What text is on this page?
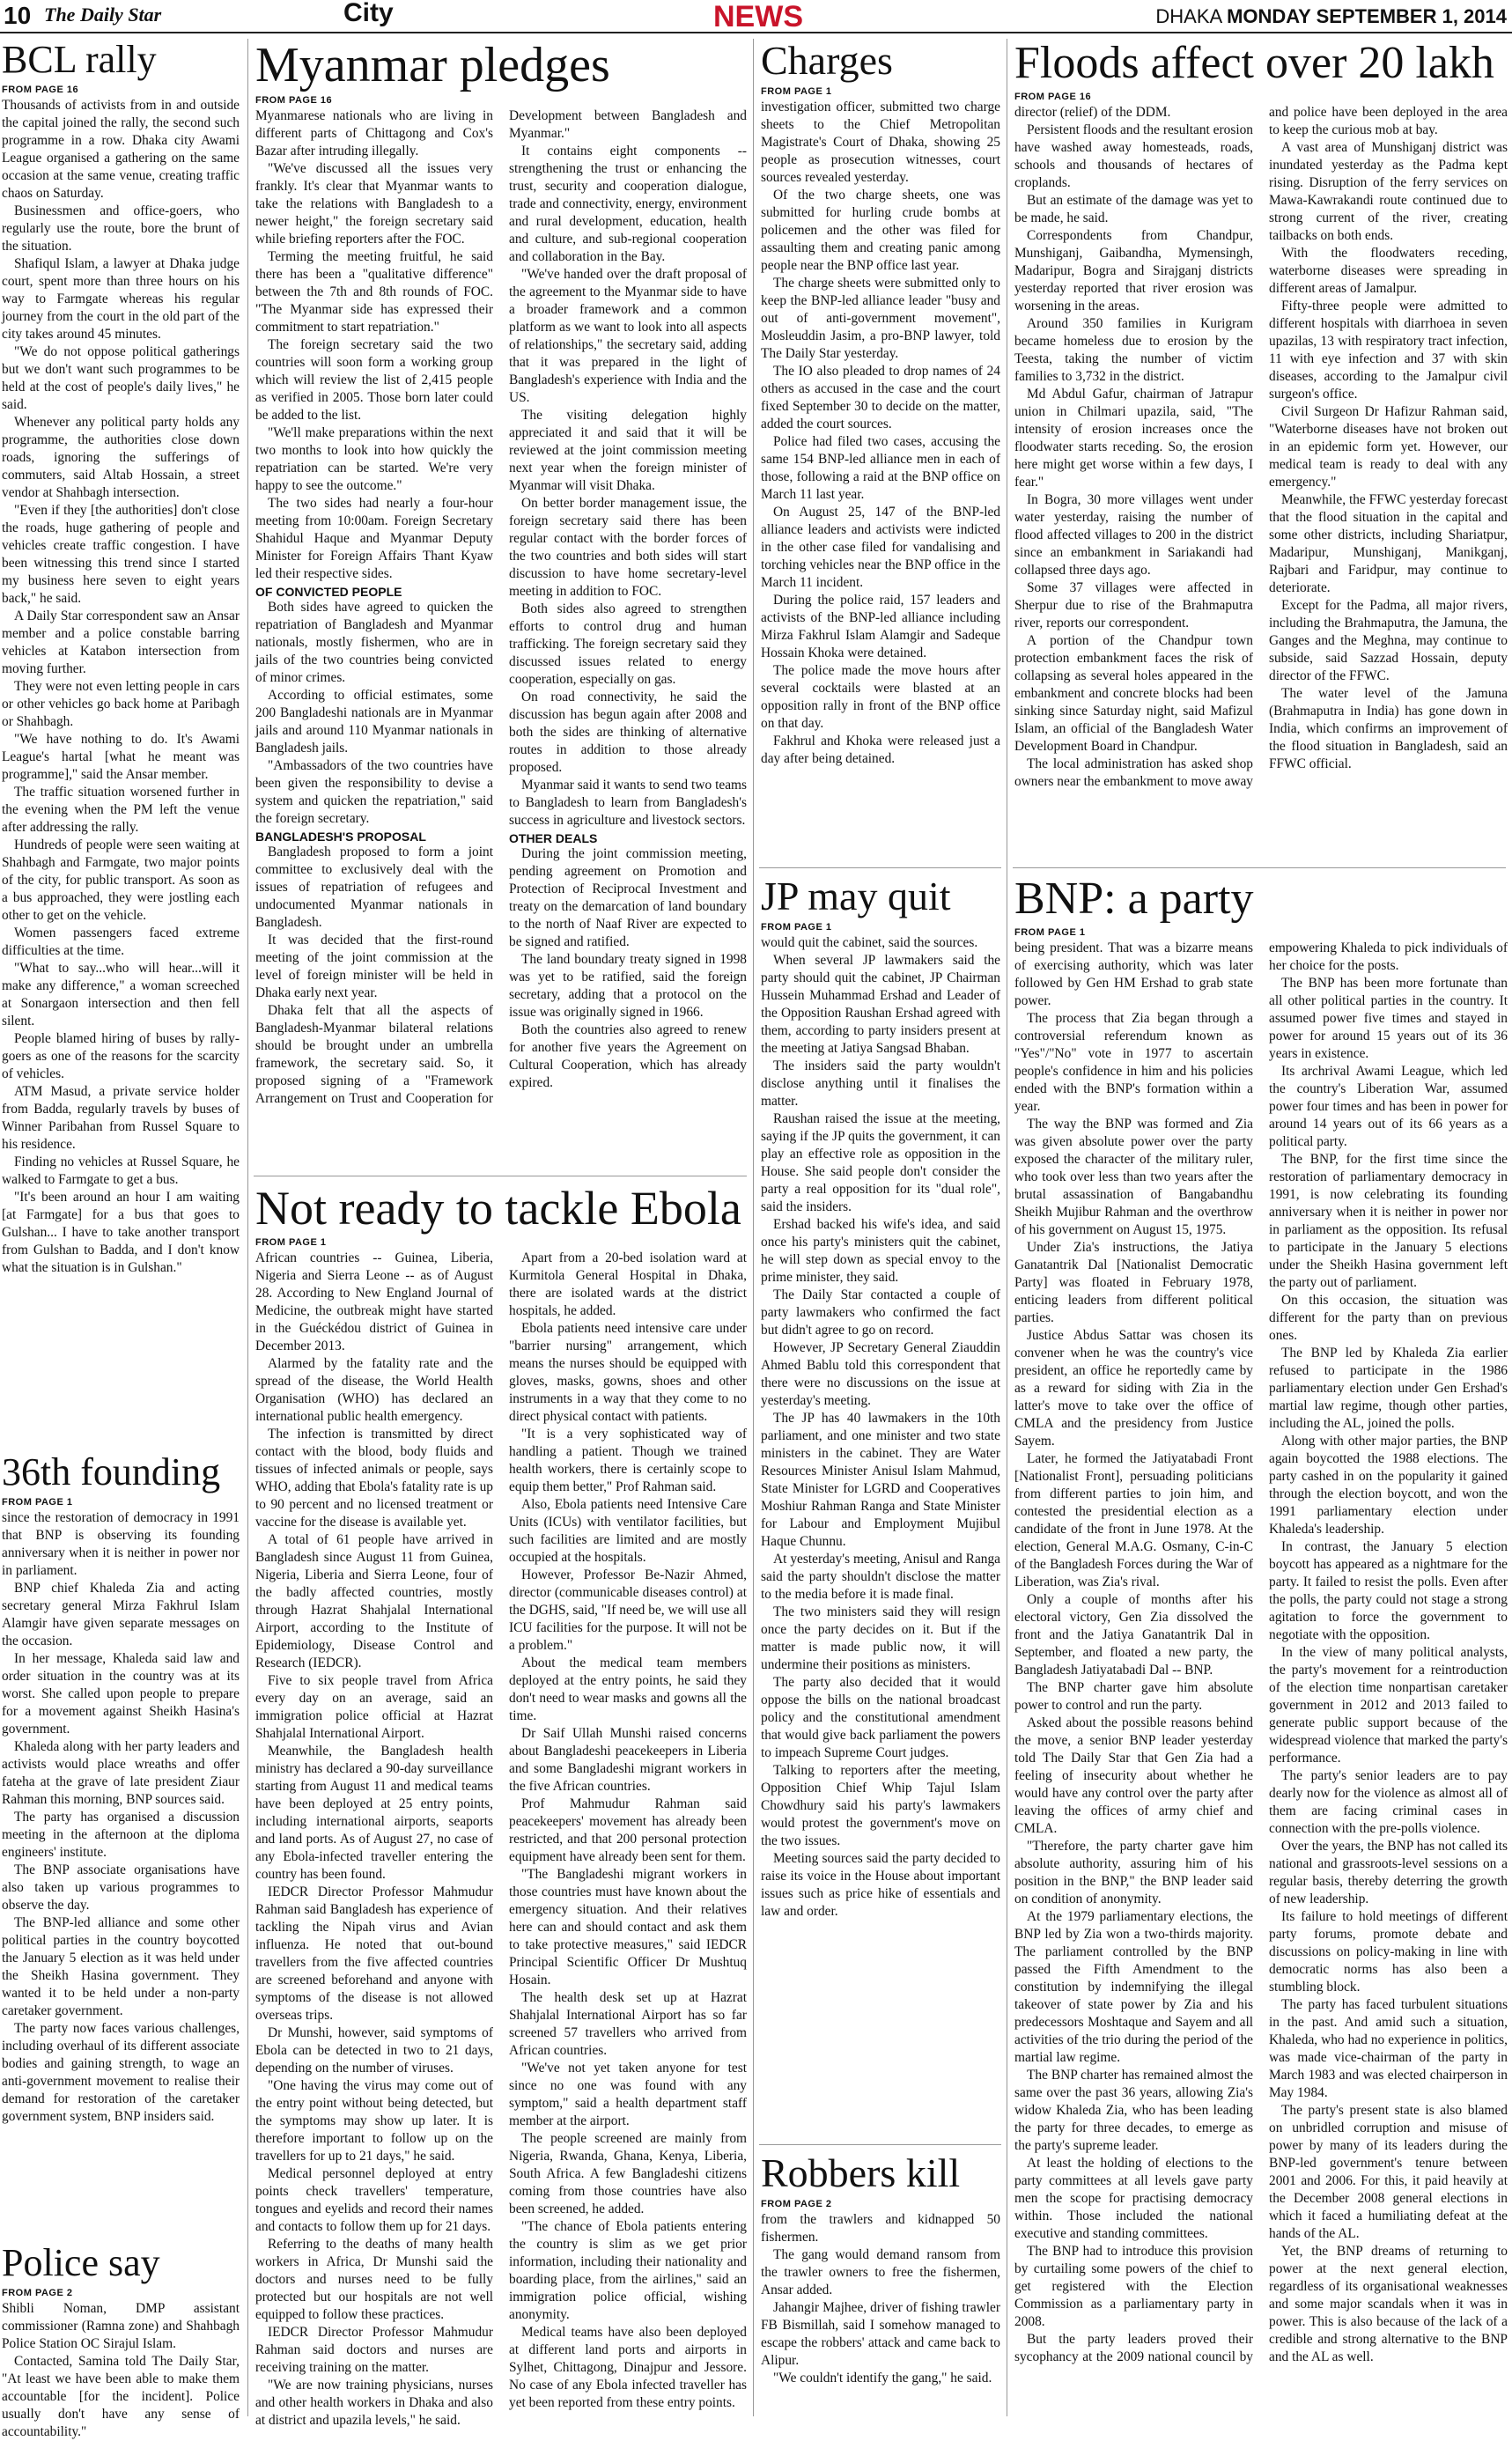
10 The Daily Star	City	NEWS	DHAKA MONDAY SEPTEMBER 1, 2014
BCL rally
FROM PAGE 16

Thousands of activists from in and outside the capital joined the rally, the second such programme in a row. Dhaka city Awami League organised a gathering on the same occasion at the same venue, creating traffic chaos on Saturday.

Businessmen and office-goers, who regularly use the route, bore the brunt of the situation.

Shafiqul Islam, a lawyer at Dhaka judge court, spent more than three hours on his way to Farmgate whereas his regular journey from the court in the old part of the city takes around 45 minutes.

"We do not oppose political gatherings but we don't want such programmes to be held at the cost of people's daily lives," he said.

Whenever any political party holds any programme, the authorities close down roads, ignoring the sufferings of commuters, said Altab Hossain, a street vendor at Shahbagh intersection.

"Even if they [the authorities] don't close the roads, huge gathering of people and vehicles create traffic congestion. I have been witnessing this trend since I started my business here seven to eight years back," he said.

A Daily Star correspondent saw an Ansar member and a police constable barring vehicles at Katabon intersection from moving further.

They were not even letting people in cars or other vehicles go back home at Paribagh or Shahbagh.

"We have nothing to do. It's Awami League's hartal [what he meant was programme]," said the Ansar member.

The traffic situation worsened further in the evening when the PM left the venue after addressing the rally.

Hundreds of people were seen waiting at Shahbagh and Farmgate, two major points of the city, for public transport. As soon as a bus approached, they were jostling each other to get on the vehicle.

Women passengers faced extreme difficulties at the time.

"What to say...who will hear...will it make any difference," a woman screeched at Sonargaon intersection and then fell silent.

People blamed hiring of buses by rally-goers as one of the reasons for the scarcity of vehicles.

ATM Masud, a private service holder from Badda, regularly travels by buses of Winner Paribahan from Russel Square to his residence.

Finding no vehicles at Russel Square, he walked to Farmgate to get a bus.

"It's been around an hour I am waiting [at Farmgate] for a bus that goes to Gulshan... I have to take another transport from Gulshan to Badda, and I don't know what the situation is in Gulshan."

36th founding
FROM PAGE 1

since the restoration of democracy in 1991 that BNP is observing its founding anniversary when it is neither in power nor in parliament.

BNP chief Khaleda Zia and acting secretary general Mirza Fakhrul Islam Alamgir have given separate messages on the occasion.

In her message, Khaleda said law and order situation in the country was at its worst. She called upon people to prepare for a movement against Sheikh Hasina's government.

Khaleda along with her party leaders and activists would place wreaths and offer fateha at the grave of late president Ziaur Rahman this morning, BNP sources said.

The party has organised a discussion meeting in the afternoon at the diploma engineers' institute.

The BNP associate organisations have also taken up various programmes to observe the day.

The BNP-led alliance and some other political parties in the country boycotted the January 5 election as it was held under the Sheikh Hasina government. They wanted it to be held under a non-party caretaker government.

The party now faces various challenges, including overhaul of its different associate bodies and gaining strength, to wage an anti-government movement to realise their demand for restoration of the caretaker government system, BNP insiders said.

Police say
FROM PAGE 2

Shibli Noman, DMP assistant commissioner (Ramna zone) and Shahbagh Police Station OC Sirajul Islam.

Contacted, Samina told The Daily Star, "At least we have been able to make them accountable [for the incident]. Police usually don't have any sense of accountability."

Myanmar pledges
FROM PAGE 16

Myanmarese nationals who are living in different parts of Chittagong and Cox's Bazar after intruding illegally.

"We've discussed all the issues very frankly. It's clear that Myanmar wants to take the relations with Bangladesh to a newer height," the foreign secretary said while briefing reporters after the FOC.

Terming the meeting fruitful, he said there has been a "qualitative difference" between the 7th and 8th rounds of FOC. "The Myanmar side has expressed their commitment to start repatriation."

The foreign secretary said the two countries will soon form a working group which will review the list of 2,415 people as verified in 2005. Those born later could be added to the list.

"We'll make preparations within the next two months to look into how quickly the repatriation can be started. We're very happy to see the outcome."

The two sides had nearly a four-hour meeting from 10:00am. Foreign Secretary Shahidul Haque and Myanmar Deputy Minister for Foreign Affairs Thant Kyaw led their respective sides.

OF CONVICTED PEOPLE

Both sides have agreed to quicken the repatriation of Bangladesh and Myanmar nationals, mostly fishermen, who are in jails of the two countries being convicted of minor crimes.

According to official estimates, some 200 Bangladeshi nationals are in Myanmar jails and around 110 Myanmar nationals in Bangladesh jails.

"Ambassadors of the two countries have been given the responsibility to devise a system and quicken the repatriation," said the foreign secretary.

BANGLADESH'S PROPOSAL

Bangladesh proposed to form a joint committee to exclusively deal with the issues of repatriation of refugees and undocumented Myanmar nationals in Bangladesh.

It was decided that the first-round meeting of the joint commission at the level of foreign minister will be held in Dhaka early next year.

Dhaka felt that all the aspects of Bangladesh-Myanmar bilateral relations should be brought under an umbrella framework, the secretary said. So, it proposed signing of a "Framework Arrangement on Trust and Cooperation for Development between Bangladesh and Myanmar."

It contains eight components -- strengthening the trust or enhancing the trust, security and cooperation dialogue, trade and connectivity, energy, environment and rural development, education, health and culture, and sub-regional cooperation and collaboration in the Bay.

"We've handed over the draft proposal of the agreement to the Myanmar side to have a broader framework and a common platform as we want to look into all aspects of relationships," the secretary said, adding that it was prepared in the light of Bangladesh's experience with India and the US.

The visiting delegation highly appreciated it and said that it will be reviewed at the joint commission meeting next year when the foreign minister of Myanmar will visit Dhaka.

On better border management issue, the foreign secretary said there has been regular contact with the border forces of the two countries and both sides will start discussion to have home secretary-level meeting in addition to FOC.

Both sides also agreed to strengthen efforts to control drug and human trafficking. The foreign secretary said they discussed issues related to energy cooperation, especially on gas.

On road connectivity, he said the discussion has begun again after 2008 and both the sides are thinking of alternative routes in addition to those already proposed.

Myanmar said it wants to send two teams to Bangladesh to learn from Bangladesh's success in agriculture and livestock sectors.

OTHER DEALS

During the joint commission meeting, pending agreement on Promotion and Protection of Reciprocal Investment and treaty on the demarcation of land boundary to the north of Naaf River are expected to be signed and ratified.

The land boundary treaty signed in 1998 was yet to be ratified, said the foreign secretary, adding that a protocol on the issue was originally signed in 1966.

Both the countries also agreed to renew for another five years the Agreement on Cultural Cooperation, which has already expired.

Not ready to tackle Ebola
FROM PAGE 1

African countries -- Guinea, Liberia, Nigeria and Sierra Leone -- as of August 28. According to New England Journal of Medicine, the outbreak might have started in the Guéckédou district of Guinea in December 2013.

Alarmed by the fatality rate and the spread of the disease, the World Health Organisation (WHO) has declared an international public health emergency.

The infection is transmitted by direct contact with the blood, body fluids and tissues of infected animals or people, says WHO, adding that Ebola's fatality rate is up to 90 percent and no licensed treatment or vaccine for the disease is available yet.

A total of 61 people have arrived in Bangladesh since August 11 from Guinea, Nigeria, Liberia and Sierra Leone, four of the badly affected countries, mostly through Hazrat Shahjalal International Airport, according to the Institute of Epidemiology, Disease Control and Research (IEDCR).

Five to six people travel from Africa every day on an average, said an immigration police official at Hazrat Shahjalal International Airport.

Meanwhile, the Bangladesh health ministry has declared a 90-day surveillance starting from August 11 and medical teams have been deployed at 25 entry points, including international airports, seaports and land ports. As of August 27, no case of any Ebola-infected traveller entering the country has been found.

IEDCR Director Professor Mahmudur Rahman said Bangladesh has experience of tackling the Nipah virus and Avian influenza. He noted that out-bound travellers from the five affected countries are screened beforehand and anyone with symptoms of the disease is not allowed overseas trips.

Dr Munshi, however, said symptoms of Ebola can be detected in two to 21 days, depending on the number of viruses.

"One having the virus may come out of the entry point without being detected, but the symptoms may show up later. It is therefore important to follow up on the travellers for up to 21 days," he said.

Medical personnel deployed at entry points check travellers' temperature, tongues and eyelids and record their names and contacts to follow them up for 21 days.

Referring to the deaths of many health workers in Africa, Dr Munshi said the doctors and nurses need to be fully protected but our hospitals are not well equipped to follow these practices.

IEDCR Director Professor Mahmudur Rahman said doctors and nurses are receiving training on the matter.

"We are now training physicians, nurses and other health workers in Dhaka and also at district and upazila levels," he said.

Apart from a 20-bed isolation ward at Kurmitola General Hospital in Dhaka, there are isolated wards at the district hospitals, he added.

Ebola patients need intensive care under "barrier nursing" arrangement, which means the nurses should be equipped with gloves, masks, gowns, shoes and other instruments in a way that they come to no direct physical contact with patients.

"It is a very sophisticated way of handling a patient. Though we trained health workers, there is certainly scope to equip them better," Prof Rahman said.

Also, Ebola patients need Intensive Care Units (ICUs) with ventilator facilities, but such facilities are limited and are mostly occupied at the hospitals.

However, Professor Be-Nazir Ahmed, director (communicable diseases control) at the DGHS, said, "If need be, we will use all ICU facilities for the purpose. It will not be a problem."

About the medical team members deployed at the entry points, he said they don't need to wear masks and gowns all the time.

Dr Saif Ullah Munshi raised concerns about Bangladeshi peacekeepers in Liberia and some Bangladeshi migrant workers in the five African countries.

Prof Mahmudur Rahman said peacekeepers' movement has already been restricted, and that 200 personal protection equipment have already been sent for them.

"The Bangladeshi migrant workers in those countries must have known about the emergency situation. And their relatives here can and should contact and ask them to take protective measures," said IEDCR Principal Scientific Officer Dr Mushtuq Hosain.

The health desk set up at Hazrat Shahjalal International Airport has so far screened 57 travellers who arrived from African countries.

"We've not yet taken anyone for test since no one was found with any symptom," said a health department staff member at the airport.

The people screened are mainly from Nigeria, Rwanda, Ghana, Kenya, Liberia, South Africa. A few Bangladeshi citizens coming from those countries have also been screened, he added.

"The chance of Ebola patients entering the country is slim as we get prior information, including their nationality and boarding place, from the airlines," said an immigration police official, wishing anonymity.

Medical teams have also been deployed at different land ports and airports in Sylhet, Chittagong, Dinajpur and Jessore. No case of any Ebola infected traveller has yet been reported from these entry points.

Charges
FROM PAGE 1

investigation officer, submitted two charge sheets to the Chief Metropolitan Magistrate's Court of Dhaka, showing 25 people as prosecution witnesses, court sources revealed yesterday.

Of the two charge sheets, one was submitted for hurling crude bombs at policemen and the other was filed for assaulting them and creating panic among people near the BNP office last year.

The charge sheets were submitted only to keep the BNP-led alliance leader "busy and out of anti-government movement", Mosleuddin Jasim, a pro-BNP lawyer, told The Daily Star yesterday.

The IO also pleaded to drop names of 24 others as accused in the case and the court fixed September 30 to decide on the matter, added the court sources.

Police had filed two cases, accusing the same 154 BNP-led alliance men in each of those, following a raid at the BNP office on March 11 last year.

On August 25, 147 of the BNP-led alliance leaders and activists were indicted in the other case filed for vandalising and torching vehicles near the BNP office in the March 11 incident.

During the police raid, 157 leaders and activists of the BNP-led alliance including Mirza Fakhrul Islam Alamgir and Sadeque Hossain Khoka were detained.

The police made the move hours after several cocktails were blasted at an opposition rally in front of the BNP office on that day.

Fakhrul and Khoka were released just a day after being detained.

JP may quit
FROM PAGE 1

would quit the cabinet, said the sources.

When several JP lawmakers said the party should quit the cabinet, JP Chairman Hussein Muhammad Ershad and Leader of the Opposition Raushan Ershad agreed with them, according to party insiders present at the meeting at Jatiya Sangsad Bhaban.

The insiders said the party wouldn't disclose anything until it finalises the matter.

Raushan raised the issue at the meeting, saying if the JP quits the government, it can play an effective role as opposition in the House. She said people don't consider the party a real opposition for its "dual role", said the insiders.

Ershad backed his wife's idea, and said once his party's ministers quit the cabinet, he will step down as special envoy to the prime minister, they said.

The Daily Star contacted a couple of party lawmakers who confirmed the fact but didn't agree to go on record.

However, JP Secretary General Ziauddin Ahmed Bablu told this correspondent that there were no discussions on the issue at yesterday's meeting.

The JP has 40 lawmakers in the 10th parliament, and one minister and two state ministers in the cabinet. They are Water Resources Minister Anisul Islam Mahmud, State Minister for LGRD and Cooperatives Moshiur Rahman Ranga and State Minister for Labour and Employment Mujibul Haque Chunnu.

At yesterday's meeting, Anisul and Ranga said the party shouldn't disclose the matter to the media before it is made final.

The two ministers said they will resign once the party decides on it. But if the matter is made public now, it will undermine their positions as ministers.

The party also decided that it would oppose the bills on the national broadcast policy and the constitutional amendment that would give back parliament the powers to impeach Supreme Court judges.

Talking to reporters after the meeting, Opposition Chief Whip Tajul Islam Chowdhury said his party's lawmakers would protest the government's move on the two issues.

Meeting sources said the party decided to raise its voice in the House about important issues such as price hike of essentials and law and order.

Robbers kill
FROM PAGE 2

from the trawlers and kidnapped 50 fishermen.

The gang would demand ransom from the trawler owners to free the fishermen, Ansar added.

Jahangir Majhee, driver of fishing trawler FB Bismillah, said I somehow managed to escape the robbers' attack and came back to Alipur.

"We couldn't identify the gang," he said.

Floods affect over 20 lakh
FROM PAGE 16

director (relief) of the DDM.

Persistent floods and the resultant erosion have washed away homesteads, roads, schools and thousands of hectares of croplands.

But an estimate of the damage was yet to be made, he said.

Correspondents from Chandpur, Munshiganj, Gaibandha, Mymensingh, Madaripur, Bogra and Sirajganj districts yesterday reported that river erosion was worsening in the areas.

Around 350 families in Kurigram became homeless due to erosion by the Teesta, taking the number of victim families to 3,732 in the district.

Md Abdul Gafur, chairman of Jatrapur union in Chilmari upazila, said, "The intensity of erosion increases once the floodwater starts receding. So, the erosion here might get worse within a few days, I fear."

In Bogra, 30 more villages went under water yesterday, raising the number of flood affected villages to 200 in the district since an embankment in Sariakandi had collapsed three days ago.

Some 37 villages were affected in Sherpur due to rise of the Brahmaputra river, reports our correspondent.

A portion of the Chandpur town protection embankment faces the risk of collapsing as several holes appeared in the embankment and concrete blocks had been sinking since Saturday night, said Mafizul Islam, an official of the Bangladesh Water Development Board in Chandpur.

The local administration has asked shop owners near the embankment to move away and police have been deployed in the area to keep the curious mob at bay.

A vast area of Munshiganj district was inundated yesterday as the Padma kept rising. Disruption of the ferry services on Mawa-Kawrakandi route continued due to strong current of the river, creating tailbacks on both ends.

With the floodwaters receding, waterborne diseases were spreading in different areas of Jamalpur.

Fifty-three people were admitted to different hospitals with diarrhoea in seven upazilas, 13 with respiratory tract infection, 11 with eye infection and 37 with skin diseases, according to the Jamalpur civil surgeon's office.

Civil Surgeon Dr Hafizur Rahman said, "Waterborne diseases have not broken out in an epidemic form yet. However, our medical team is ready to deal with any emergency."

Meanwhile, the FFWC yesterday forecast that the flood situation in the capital and some other districts, including Shariatpur, Madaripur, Munshiganj, Manikganj, Rajbari and Faridpur, may continue to deteriorate.

Except for the Padma, all major rivers, including the Brahmaputra, the Jamuna, the Ganges and the Meghna, may continue to subside, said Sazzad Hossain, deputy director of the FFWC.

The water level of the Jamuna (Brahmaputra in India) has gone down in India, which confirms an improvement of the flood situation in Bangladesh, said an FFWC official.

BNP: a party
FROM PAGE 1

being president. That was a bizarre means of exercising authority, which was later followed by Gen HM Ershad to grab state power.

The process that Zia began through a controversial referendum known as "Yes"/"No" vote in 1977 to ascertain people's confidence in him and his policies ended with the BNP's formation within a year.

The way the BNP was formed and Zia was given absolute power over the party exposed the character of the military ruler, who took over less than two years after the brutal assassination of Bangabandhu Sheikh Mujibur Rahman and the overthrow of his government on August 15, 1975.

Under Zia's instructions, the Jatiya Ganatantrik Dal [Nationalist Democratic Party] was floated in February 1978, enticing leaders from different political parties.

Justice Abdus Sattar was chosen its convener when he was the country's vice president, an office he reportedly came by as a reward for siding with Zia in the latter's move to take over the office of CMLA and the presidency from Justice Sayem.

Later, he formed the Jatiyatabadi Front [Nationalist Front], persuading politicians from different parties to join him, and contested the presidential election as a candidate of the front in June 1978. At the election, General M.A.G. Osmany, C-in-C of the Bangladesh Forces during the War of Liberation, was Zia's rival.

Only a couple of months after his electoral victory, Gen Zia dissolved the front and the Jatiya Ganatantrik Dal in September, and floated a new party, the Bangladesh Jatiyatabadi Dal -- BNP.

The BNP charter gave him absolute power to control and run the party.

Asked about the possible reasons behind the move, a senior BNP leader yesterday told The Daily Star that Gen Zia had a feeling of insecurity about whether he would have any control over the party after leaving the offices of army chief and CMLA.

"Therefore, the party charter gave him absolute authority, assuring him of his position in the BNP," the BNP leader said on condition of anonymity.

At the 1979 parliamentary elections, the BNP led by Zia won a two-thirds majority. The parliament controlled by the BNP passed the Fifth Amendment to the constitution by indemnifying the illegal takeover of state power by Zia and his predecessors Moshtaque and Sayem and all activities of the trio during the period of the martial law regime.

The BNP charter has remained almost the same over the past 36 years, allowing Zia's widow Khaleda Zia, who has been leading the party for three decades, to emerge as the party's supreme leader.

At least the holding of elections to the party committees at all levels gave party men the scope for practising democracy within. Those included the national executive and standing committees.

The BNP had to introduce this provision by curtailing some powers of the chief to get registered with the Election Commission as a parliamentary party in 2008.

But the party leaders proved their sycophancy at the 2009 national council by empowering Khaleda to pick individuals of her choice for the posts.

The BNP has been more fortunate than all other political parties in the country. It assumed power five times and stayed in power for around 15 years out of its 36 years in existence.

Its archrival Awami League, which led the country's Liberation War, assumed power four times and has been in power for around 14 years out of its 66 years as a political party.

The BNP, for the first time since the restoration of parliamentary democracy in 1991, is now celebrating its founding anniversary when it is neither in power nor in parliament as the opposition. Its refusal to participate in the January 5 elections under the Sheikh Hasina government left the party out of parliament.

On this occasion, the situation was different for the party than on previous ones.

The BNP led by Khaleda Zia earlier refused to participate in the 1986 parliamentary election under Gen Ershad's martial law regime, though other parties, including the AL, joined the polls.

Along with other major parties, the BNP again boycotted the 1988 elections. The party cashed in on the popularity it gained through the election boycott, and won the 1991 parliamentary election under Khaleda's leadership.

In contrast, the January 5 election boycott has appeared as a nightmare for the party. It failed to resist the polls. Even after the polls, the party could not stage a strong agitation to force the government to negotiate with the opposition.

In the view of many political analysts, the party's movement for a reintroduction of the election time nonpartisan caretaker government in 2012 and 2013 failed to generate public support because of the widespread violence that marked the party's performance.

The party's senior leaders are to pay dearly now for the violence as almost all of them are facing criminal cases in connection with the pre-polls violence.

Over the years, the BNP has not called its national and grassroots-level sessions on a regular basis, thereby deterring the growth of new leadership.

Its failure to hold meetings of different party forums, promote debate and discussions on policy-making in line with democratic norms has also been a stumbling block.

The party has faced turbulent situations in the past. And amid such a situation, Khaleda, who had no experience in politics, was made vice-chairman of the party in March 1983 and was elected chairperson in May 1984.

The party's present state is also blamed on unbridled corruption and misuse of power by many of its leaders during the BNP-led government's tenure between 2001 and 2006. For this, it paid heavily at the December 2008 general elections in which it faced a humiliating defeat at the hands of the AL.

Yet, the BNP dreams of returning to power at the next general election, regardless of its organisational weaknesses and some major scandals when it was in power. This is also because of the lack of a credible and strong alternative to the BNP and the AL as well.
